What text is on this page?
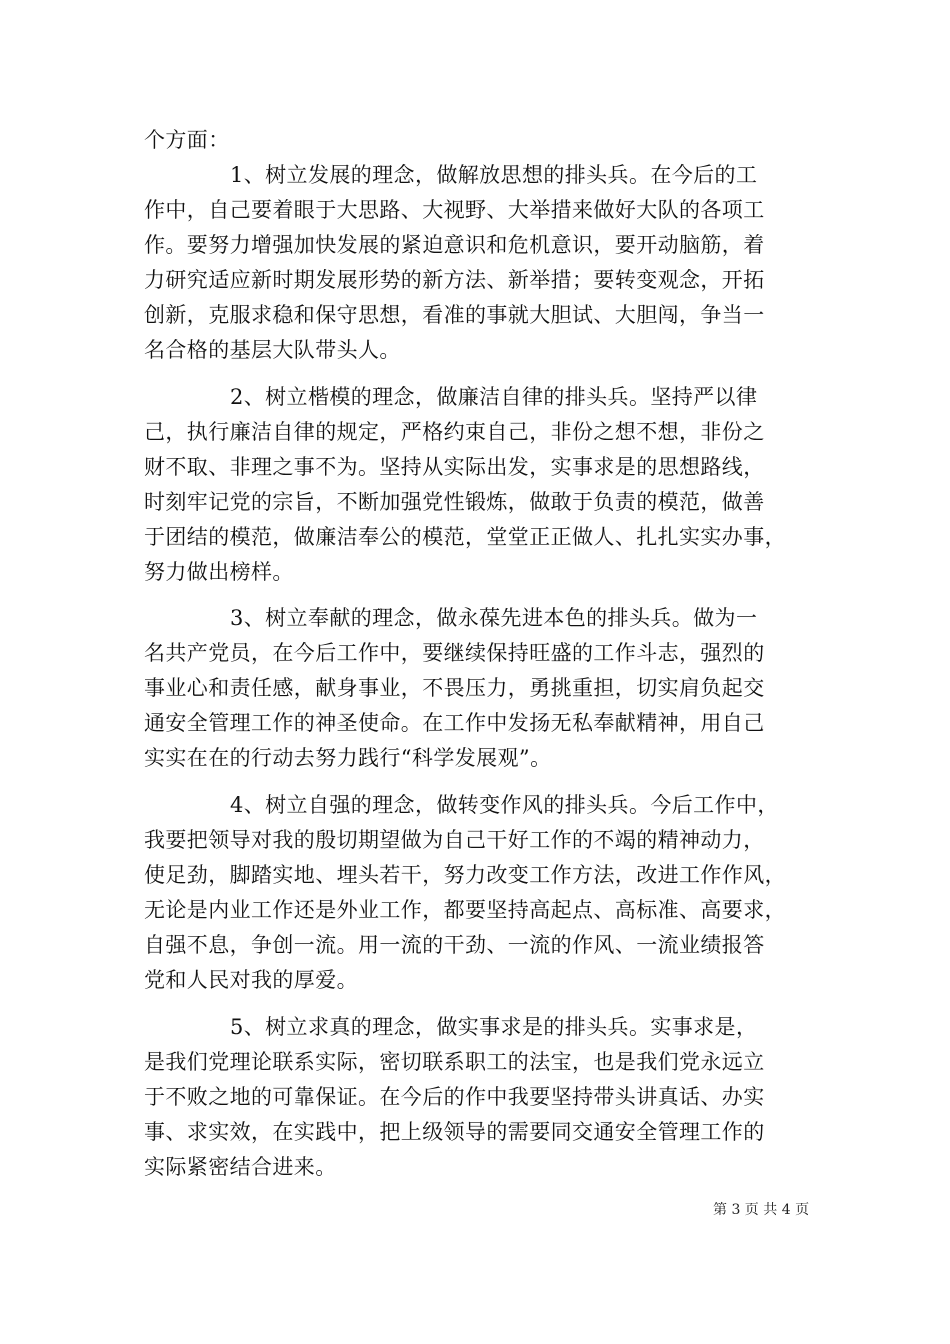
个方面：
1、树立发展的理念，做解放思想的排头兵。在今后的工
作中，自己要着眼于大思路、大视野、大举措来做好大队的各项工
作。要努力增强加快发展的紧迫意识和危机意识，要开动脑筋，着
力研究适应新时期发展形势的新方法、新举措；要转变观念，开拓
创新，克服求稳和保守思想，看准的事就大胆试、大胆闯，争当一
名合格的基层大队带头人。
2、树立楷模的理念，做廉洁自律的排头兵。坚持严以律
己，执行廉洁自律的规定，严格约束自己，非份之想不想，非份之
财不取、非理之事不为。坚持从实际出发，实事求是的思想路线，
时刻牢记党的宗旨，不断加强党性锻炼，做敢于负责的模范，做善
于团结的模范，做廉洁奉公的模范，堂堂正正做人、扎扎实实办事，
努力做出榜样。
3、树立奉献的理念，做永葆先进本色的排头兵。做为一
名共产党员，在今后工作中，要继续保持旺盛的工作斗志，强烈的
事业心和责任感，献身事业，不畏压力，勇挑重担，切实肩负起交
通安全管理工作的神圣使命。在工作中发扬无私奉献精神，用自己
实实在在的行动去努力践行“科学发展观”。
4、树立自强的理念，做转变作风的排头兵。今后工作中，
我要把领导对我的殷切期望做为自己干好工作的不竭的精神动力，
使足劲，脚踏实地、埋头若干，努力改变工作方法，改进工作作风，
无论是内业工作还是外业工作，都要坚持高起点、高标准、高要求，
自强不息，争创一流。用一流的干劲、一流的作风、一流业绩报答
党和人民对我的厚爱。
5、树立求真的理念，做实事求是的排头兵。实事求是，
是我们党理论联系实际，密切联系职工的法宝，也是我们党永远立
于不败之地的可靠保证。在今后的作中我要坚持带头讲真话、办实
事、求实效，在实践中，把上级领导的需要同交通安全管理工作的
实际紧密结合进来。
第 3 页 共 4 页
